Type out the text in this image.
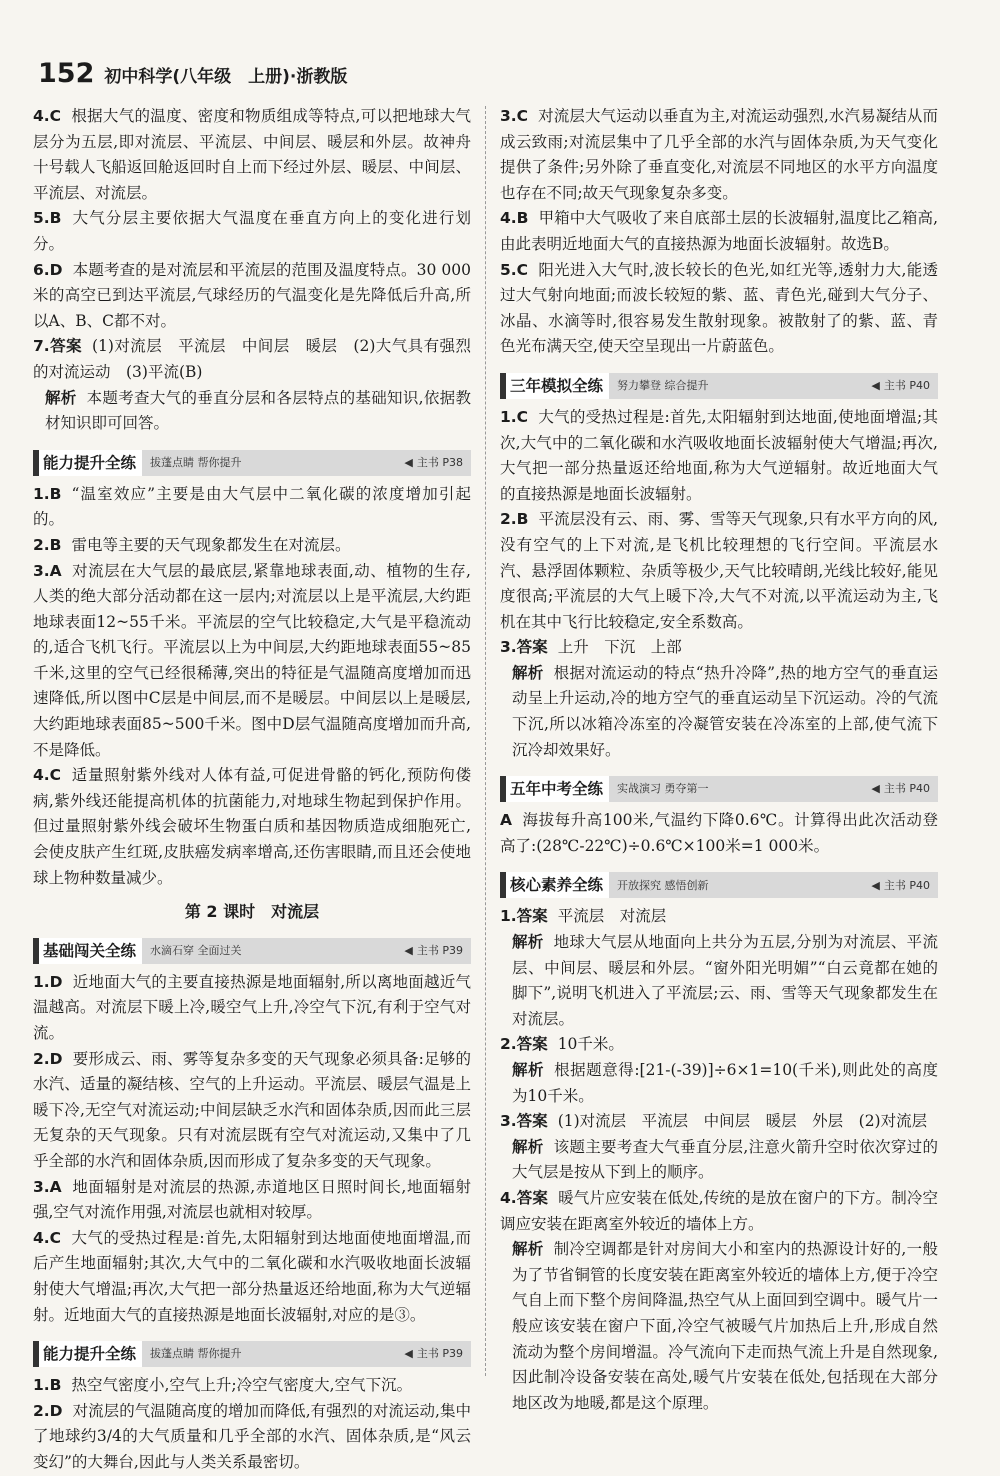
152 初中科学(八年级　上册)·浙教版

4.C 根据大气的温度、密度和物质组成等特点,可以把地球大气层分为五层,即对流层、平流层、中间层、暖层和外层。故神舟十号载人飞船返回舱返回时自上而下经过外层、暖层、中间层、平流层、对流层。

5.B 大气分层主要依据大气温度在垂直方向上的变化进行划分。

6.D 本题考查的是对流层和平流层的范围及温度特点。30 000米的高空已到达平流层,气球经历的气温变化是先降低后升高,所以A、B、C都不对。

7.答案 (1)对流层　平流层　中间层　暖层　(2)大气具有强烈的对流运动　(3)平流(B)

解析 本题考查大气的垂直分层和各层特点的基础知识,依据教材知识即可回答。

能力提升全练	拔蓬点睛 帮你提升	◀ 主书 P38

1.B “温室效应”主要是由大气层中二氧化碳的浓度增加引起的。

2.B 雷电等主要的天气现象都发生在对流层。

3.A 对流层在大气层的最底层,紧靠地球表面,动、植物的生存,人类的绝大部分活动都在这一层内;对流层以上是平流层,大约距地球表面12~55千米。平流层的空气比较稳定,大气是平稳流动的,适合飞机飞行。平流层以上为中间层,大约距地球表面55~85千米,这里的空气已经很稀薄,突出的特征是气温随高度增加而迅速降低,所以图中C层是中间层,而不是暖层。中间层以上是暖层,大约距地球表面85~500千米。图中D层气温随高度增加而升高,不是降低。

4.C 适量照射紫外线对人体有益,可促进骨骼的钙化,预防佝偻病,紫外线还能提高机体的抗菌能力,对地球生物起到保护作用。但过量照射紫外线会破坏生物蛋白质和基因物质造成细胞死亡,会使皮肤产生红斑,皮肤癌发病率增高,还伤害眼睛,而且还会使地球上物种数量减少。

第 2 课时　对流层
基础闯关全练	水滴石穿 全面过关	◀ 主书 P39

1.D 近地面大气的主要直接热源是地面辐射,所以离地面越近气温越高。对流层下暖上冷,暖空气上升,冷空气下沉,有利于空气对流。

2.D 要形成云、雨、雾等复杂多变的天气现象必须具备:足够的水汽、适量的凝结核、空气的上升运动。平流层、暖层气温是上暖下冷,无空气对流运动;中间层缺乏水汽和固体杂质,因而此三层无复杂的天气现象。只有对流层既有空气对流运动,又集中了几乎全部的水汽和固体杂质,因而形成了复杂多变的天气现象。

3.A 地面辐射是对流层的热源,赤道地区日照时间长,地面辐射强,空气对流作用强,对流层也就相对较厚。

4.C 大气的受热过程是:首先,太阳辐射到达地面使地面增温,而后产生地面辐射;其次,大气中的二氧化碳和水汽吸收地面长波辐射使大气增温;再次,大气把一部分热量返还给地面,称为大气逆辐射。近地面大气的直接热源是地面长波辐射,对应的是③。

能力提升全练	拔蓬点睛 帮你提升	◀ 主书 P39

1.B 热空气密度小,空气上升;冷空气密度大,空气下沉。

2.D 对流层的气温随高度的增加而降低,有强烈的对流运动,集中了地球约3/4的大气质量和几乎全部的水汽、固体杂质,是“风云变幻”的大舞台,因此与人类关系最密切。

3.C 对流层大气运动以垂直为主,对流运动强烈,水汽易凝结从而成云致雨;对流层集中了几乎全部的水汽与固体杂质,为天气变化提供了条件;另外除了垂直变化,对流层不同地区的水平方向温度也存在不同;故天气现象复杂多变。

4.B 甲箱中大气吸收了来自底部土层的长波辐射,温度比乙箱高,由此表明近地面大气的直接热源为地面长波辐射。故选B。

5.C 阳光进入大气时,波长较长的色光,如红光等,透射力大,能透过大气射向地面;而波长较短的紫、蓝、青色光,碰到大气分子、冰晶、水滴等时,很容易发生散射现象。被散射了的紫、蓝、青色光布满天空,使天空呈现出一片蔚蓝色。

三年模拟全练	努力攀登 综合提升	◀ 主书 P40

1.C 大气的受热过程是:首先,太阳辐射到达地面,使地面增温;其次,大气中的二氧化碳和水汽吸收地面长波辐射使大气增温;再次,大气把一部分热量返还给地面,称为大气逆辐射。故近地面大气的直接热源是地面长波辐射。

2.B 平流层没有云、雨、雾、雪等天气现象,只有水平方向的风,没有空气的上下对流,是飞机比较理想的飞行空间。平流层水汽、悬浮固体颗粒、杂质等极少,天气比较晴朗,光线比较好,能见度很高;平流层的大气上暖下冷,大气不对流,以平流运动为主,飞机在其中飞行比较稳定,安全系数高。

3.答案 上升　下沉　上部

解析 根据对流运动的特点“热升冷降”,热的地方空气的垂直运动呈上升运动,冷的地方空气的垂直运动呈下沉运动。冷的气流下沉,所以冰箱冷冻室的冷凝管安装在冷冻室的上部,使气流下沉冷却效果好。

五年中考全练	实战演习 勇夺第一	◀ 主书 P40

A 海拔每升高100米,气温约下降0.6℃。计算得出此次活动登高了:(28℃-22℃)÷0.6℃×100米=1 000米。

核心素养全练	开放探究 感悟创新	◀ 主书 P40

1.答案 平流层　对流层

解析 地球大气层从地面向上共分为五层,分别为对流层、平流层、中间层、暖层和外层。“窗外阳光明媚”“白云竟都在她的脚下”,说明飞机进入了平流层;云、雨、雪等天气现象都发生在对流层。

2.答案 10千米。

解析 根据题意得:[21-(-39)]÷6×1=10(千米),则此处的高度为10千米。

3.答案 (1)对流层　平流层　中间层　暖层　外层　(2)对流层

解析 该题主要考查大气垂直分层,注意火箭升空时依次穿过的大气层是按从下到上的顺序。

4.答案 暖气片应安装在低处,传统的是放在窗户的下方。制冷空调应安装在距离室外较近的墙体上方。

解析 制冷空调都是针对房间大小和室内的热源设计好的,一般为了节省铜管的长度安装在距离室外较近的墙体上方,便于冷空气自上而下整个房间降温,热空气从上面回到空调中。暖气片一般应该安装在窗户下面,冷空气被暖气片加热后上升,形成自然流动为整个房间增温。冷气流向下走而热气流上升是自然现象,因此制冷设备安装在高处,暖气片安装在低处,包括现在大部分地区改为地暖,都是这个原理。
